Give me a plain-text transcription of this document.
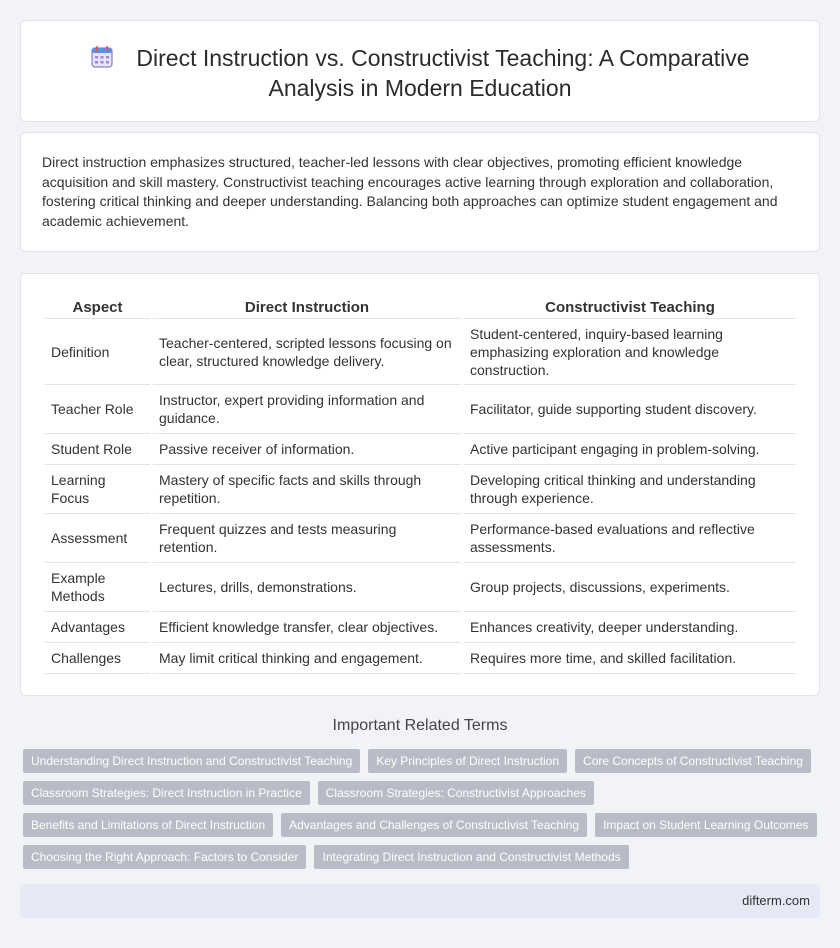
Direct Instruction vs. Constructivist Teaching: A Comparative Analysis in Modern Education

Direct instruction emphasizes structured, teacher-led lessons with clear objectives, promoting efficient knowledge acquisition and skill mastery. Constructivist teaching encourages active learning through exploration and collaboration, fostering critical thinking and deeper understanding. Balancing both approaches can optimize student engagement and academic achievement.

Aspect	Direct Instruction	Constructivist Teaching
Definition	Teacher-centered, scripted lessons focusing on clear, structured knowledge delivery.	Student-centered, inquiry-based learning emphasizing exploration and knowledge construction.
Teacher Role	Instructor, expert providing information and guidance.	Facilitator, guide supporting student discovery.
Student Role	Passive receiver of information.	Active participant engaging in problem-solving.
Learning Focus	Mastery of specific facts and skills through repetition.	Developing critical thinking and understanding through experience.
Assessment	Frequent quizzes and tests measuring retention.	Performance-based evaluations and reflective assessments.
Example Methods	Lectures, drills, demonstrations.	Group projects, discussions, experiments.
Advantages	Efficient knowledge transfer, clear objectives.	Enhances creativity, deeper understanding.
Challenges	May limit critical thinking and engagement.	Requires more time, and skilled facilitation.
Important Related Terms
Understanding Direct Instruction and Constructivist Teaching	Key Principles of Direct Instruction	Core Concepts of Constructivist Teaching
Classroom Strategies: Direct Instruction in Practice	Classroom Strategies: Constructivist Approaches
Benefits and Limitations of Direct Instruction	Advantages and Challenges of Constructivist Teaching	Impact on Student Learning Outcomes
Choosing the Right Approach: Factors to Consider	Integrating Direct Instruction and Constructivist Methods
difterm.com
